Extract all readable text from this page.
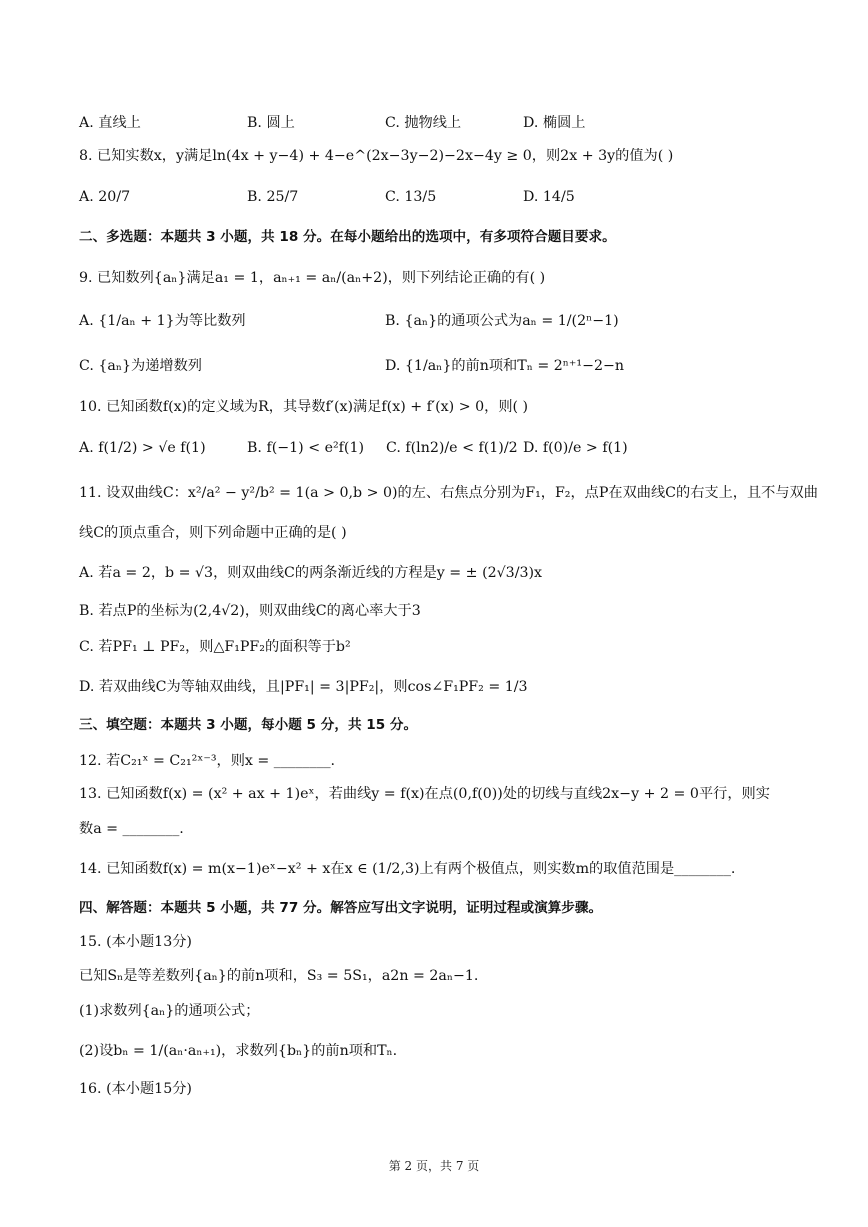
A. 直线上	B. 圆上	C. 抛物线上	D. 椭圆上
8. 已知实数x，y满足ln(4x + y−4) + 4−e^(2x−3y−2)−2x−4y ≥ 0，则2x + 3y的值为( )
A. 20/7	B. 25/7	C. 13/5	D. 14/5
二、多选题：本题共 3 小题，共 18 分。在每小题给出的选项中，有多项符合题目要求。
9. 已知数列{aₙ}满足a₁ = 1，aₙ₊₁ = aₙ/(aₙ+2)，则下列结论正确的有( )
A. {1/aₙ + 1}为等比数列	B. {aₙ}的通项公式为aₙ = 1/(2ⁿ−1)
C. {aₙ}为递增数列	D. {1/aₙ}的前n项和Tₙ = 2ⁿ⁺¹−2−n
10. 已知函数f(x)的定义域为R，其导数f′(x)满足f(x) + f′(x) > 0，则( )
A. f(1/2) > √e f(1)	B. f(−1) < e²f(1) C. f(ln2)/e < f(1)/2 D. f(0)/e > f(1)
11. 设双曲线C：x²/a² − y²/b² = 1(a > 0,b > 0)的左、右焦点分别为F₁，F₂，点P在双曲线C的右支上，且不与双曲
线C的顶点重合，则下列命题中正确的是( )
A. 若a = 2，b = √3，则双曲线C的两条渐近线的方程是y = ± (2√3/3)x
B. 若点P的坐标为(2,4√2)，则双曲线C的离心率大于3
C. 若PF₁ ⊥ PF₂，则△F₁PF₂的面积等于b²
D. 若双曲线C为等轴双曲线，且|PF₁| = 3|PF₂|，则cos∠F₁PF₂ = 1/3
三、填空题：本题共 3 小题，每小题 5 分，共 15 分。
12. 若C₂₁ˣ = C₂₁²ˣ⁻³，则x = ________.
13. 已知函数f(x) = (x² + ax + 1)eˣ，若曲线y = f(x)在点(0,f(0))处的切线与直线2x−y + 2 = 0平行，则实
数a = ________.
14. 已知函数f(x) = m(x−1)eˣ−x² + x在x ∈ (1/2,3)上有两个极值点，则实数m的取值范围是________.
四、解答题：本题共 5 小题，共 77 分。解答应写出文字说明，证明过程或演算步骤。
15. (本小题13分)
已知Sₙ是等差数列{aₙ}的前n项和，S₃ = 5S₁，a2n = 2aₙ−1.
(1)求数列{aₙ}的通项公式；
(2)设bₙ = 1/(aₙ·aₙ₊₁)，求数列{bₙ}的前n项和Tₙ.
16. (本小题15分)
第 2 页，共 7 页
